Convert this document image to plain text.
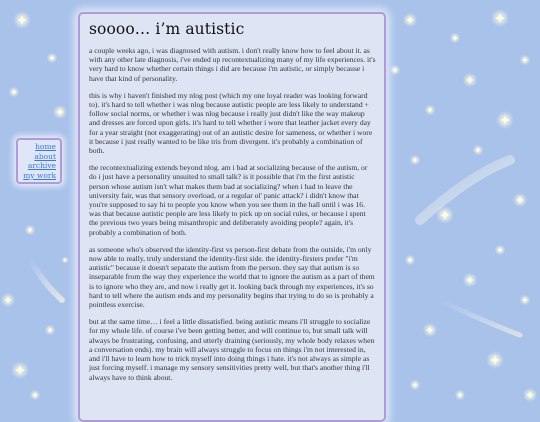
home
about
archive
my work
soooo… i’m autistic

a couple weeks ago, i was diagnosed with autism. i don't really know how to feel about it. as with any other late diagnosis, i've ended up recontextualizing many of my life experiences. it's very hard to know whether certain things i did are because i'm autistic, or simply because i have that kind of personality.

this is why i haven't finished my nlog post (which my one loyal reader was looking forward to). it's hard to tell whether i was nlog because autistic people are less likely to understand + follow social norms, or whether i was nlog because i really just didn't like the way makeup and dresses are forced upon girls. it's hard to tell whether i wore that leather jacket every day for a year straight (not exaggerating) out of an autistic desire for sameness, or whether i wore it because i just really wanted to be like tris from divergent. it's probably a combination of both.

the recontextualizing extends beyond nlog. am i bad at socializing because of the autism, or do i just have a personality unsuited to small talk? is it possible that i'm the first autistic person whose autism isn't what makes them bad at socializing? when i had to leave the university fair, was that sensory overload, or a regular ol' panic attack? i didn't know that you're supposed to say hi to people you know when you see them in the hall until i was 16. was that because autistic people are less likely to pick up on social rules, or because i spent the previous two years being misanthropic and deliberately avoiding people? again, it's probably a combination of both.

as someone who's observed the identity-first vs person-first debate from the outside, i'm only now able to really, truly understand the identity-first side. the identity-firsters prefer "i'm autistic" because it doesn't separate the autism from the person. they say that autism is so inseparable from the way they experience the world that to ignore the autism as a part of them is to ignore who they are, and now i really get it. looking back through my experiences, it's so hard to tell where the autism ends and my personality begins that trying to do so is probably a pointless exercise.

but at the same time… i feel a little dissatisfied. being autistic means i'll struggle to socialize for my whole life. of course i've been getting better, and will continue to, but small talk will always be frustrating, confusing, and utterly draining (seriously, my whole body relaxes when a conversation ends). my brain will always struggle to focus on things i'm not interested in, and i'll have to learn how to trick myself into doing things i hate. it's not always as simple as just forcing myself. i manage my sensory sensitivities pretty well, but that's another thing i'll always have to think about.
